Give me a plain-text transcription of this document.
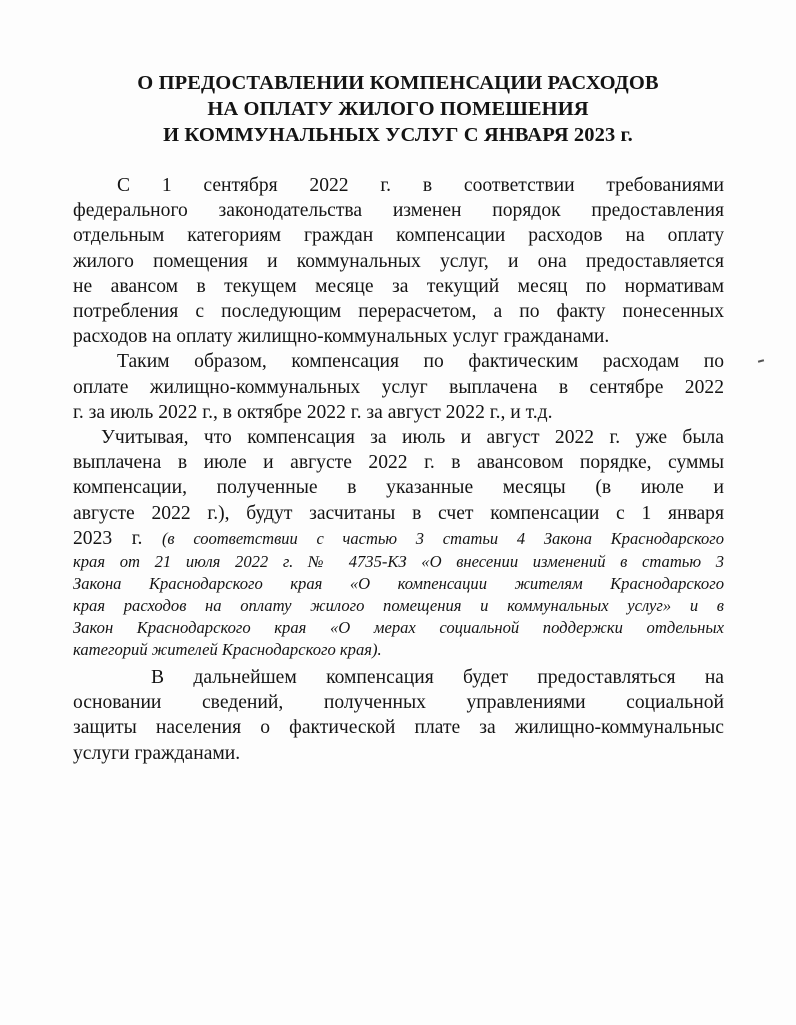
О ПРЕДОСТАВЛЕНИИ КОМПЕНСАЦИИ РАСХОДОВ
НА ОПЛАТУ ЖИЛОГО ПОМЕШЕНИЯ
И КОММУНАЛЬНЫХ УСЛУГ С ЯНВАРЯ 2023 г.

С 1 сентября 2022 г. в соответствии требованиями
федерального законодательства изменен порядок предоставления
отдельным категориям граждан компенсации расходов на оплату
жилого помещения и коммунальных услуг, и она предоставляется
не авансом в текущем месяце за текущий месяц по нормативам
потребления с последующим перерасчетом, а по факту понесенных
расходов на оплату жилищно-коммунальных услуг гражданами.

Таким образом, компенсация по фактическим расходам по
оплате жилищно-коммунальных услуг выплачена в сентябре 2022
г. за июль 2022 г., в октябре 2022 г. за август 2022 г., и т.д.

Учитывая, что компенсация за июль и август 2022 г. уже была
выплачена в июле и августе 2022 г. в авансовом порядке, суммы
компенсации, полученные в указанные месяцы (в июле и
августе 2022 г.), будут засчитаны в счет компенсации с 1 января
2023 г. (в соответствии с частью 3 статьи 4 Закона Краснодарского
края от 21 июля 2022 г. № 4735-КЗ «О внесении изменений в статью 3
Закона Краснодарского края «О компенсации жителям Краснодарского
края расходов на оплату жилого помещения и коммунальных услуг» и в
Закон Краснодарского края «О мерах социальной поддержки отдельных
категорий жителей Краснодарского края).

В дальнейшем компенсация будет предоставляться на
основании сведений, полученных управлениями социальной
защиты населения о фактической плате за жилищно-коммунальныс
услуги гражданами.
